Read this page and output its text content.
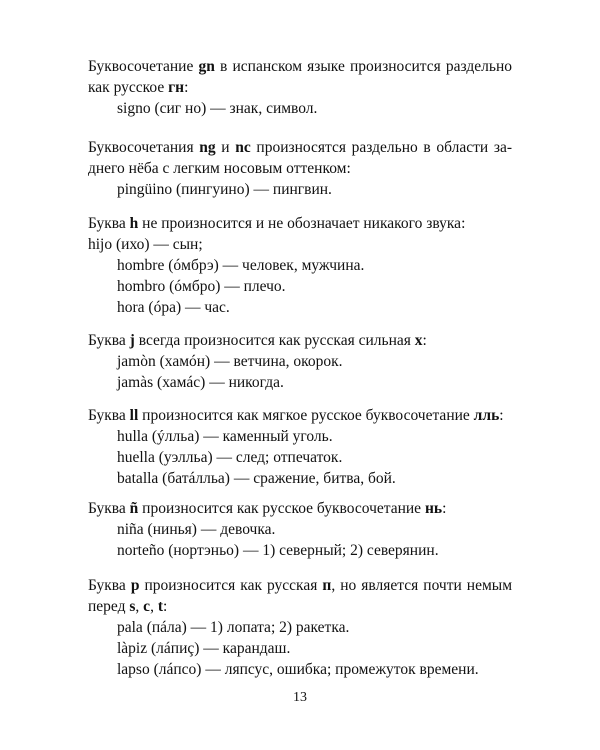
Буквосочетание gn в испанском языке произносится раздельно
как русское гн:
signo (сиг но) — знак, символ.
Буквосочетания ng и nc произносятся раздельно в области за-
днего нёба с легким носовым оттенком:
pingüino (пингуино) — пингвин.
Буква h не произносится и не обозначает никакого звука:
hijo (ихо) — сын;
hombre (óмбрэ) — человек, мужчина.
hombro (óмбро) — плечо.
hora (óра) — час.
Буква j всегда произносится как русская сильная х:
jamòn (хамóн) — ветчина, окорок.
jamàs (хамáс) — никогда.
Буква ll произносится как мягкое русское буквосочетание лль:
hulla (ýлльа) — каменный уголь.
huella (уэлльа) — след; отпечаток.
batalla (батáлльа) — сражение, битва, бой.
Буква ñ произносится как русское буквосочетание нь:
niña (нинья) — девочка.
norteño (нортэньо) — 1) северный; 2) северянин.
Буква p произносится как русская п, но является почти немым
перед s, c, t:
pala (пáла) — 1) лопата; 2) ракетка.
làpiz (лáпиç) — карандаш.
lapso (лáпсо) — ляпсус, ошибка; промежуток времени.
13
